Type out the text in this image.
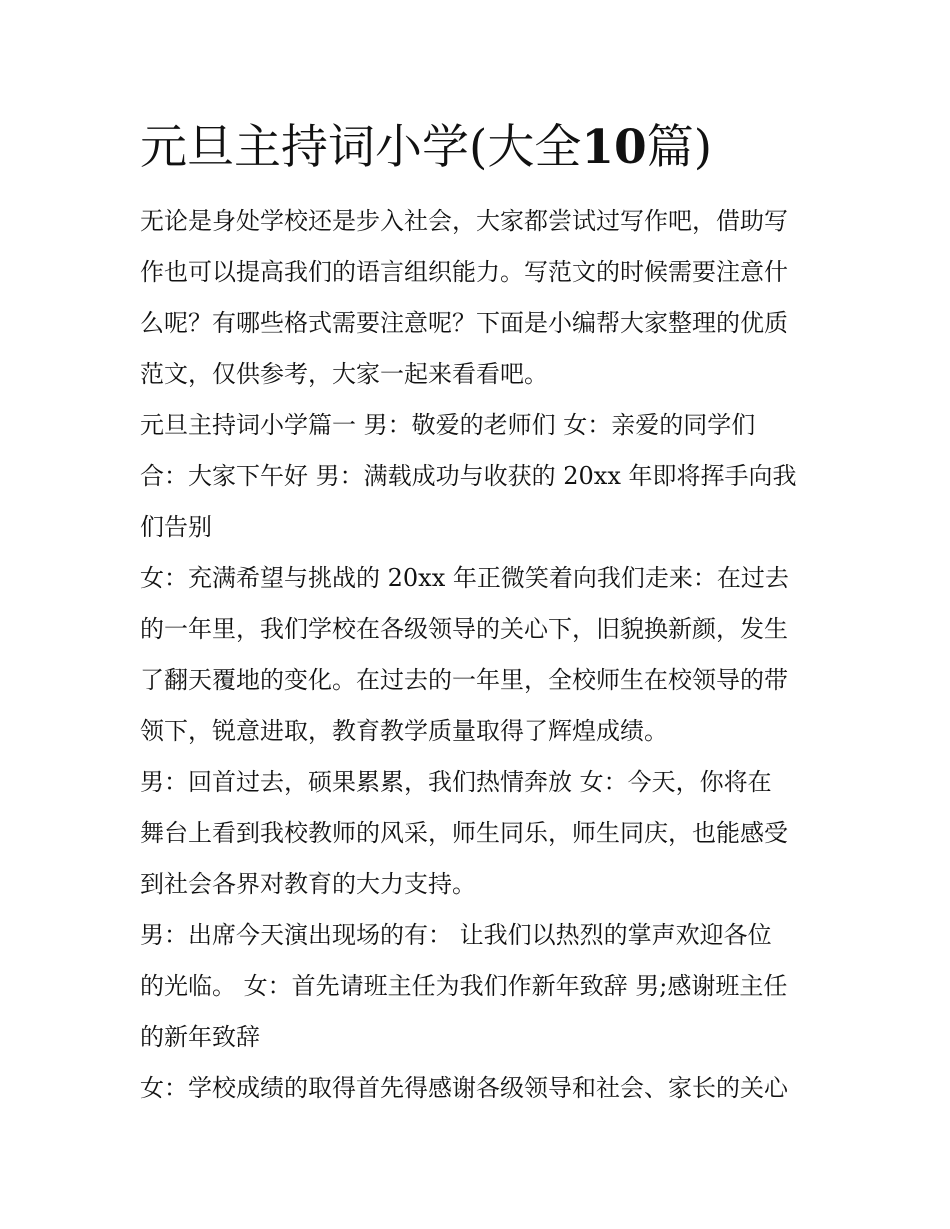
元旦主持词小学(大全10篇)
无论是身处学校还是步入社会，大家都尝试过写作吧，借助写
作也可以提高我们的语言组织能力。写范文的时候需要注意什
么呢？有哪些格式需要注意呢？下面是小编帮大家整理的优质
范文，仅供参考，大家一起来看看吧。
元旦主持词小学篇一 男：敬爱的老师们 女：亲爱的同学们
合：大家下午好 男：满载成功与收获的 20xx 年即将挥手向我
们告别
女：充满希望与挑战的 20xx 年正微笑着向我们走来：在过去
的一年里，我们学校在各级领导的关心下，旧貌换新颜，发生
了翻天覆地的变化。在过去的一年里，全校师生在校领导的带
领下，锐意进取，教育教学质量取得了辉煌成绩。
男：回首过去，硕果累累，我们热情奔放 女：今天，你将在
舞台上看到我校教师的风采，师生同乐，师生同庆，也能感受
到社会各界对教育的大力支持。
男：出席今天演出现场的有： 让我们以热烈的掌声欢迎各位
的光临。 女：首先请班主任为我们作新年致辞 男;感谢班主任
的新年致辞
女：学校成绩的取得首先得感谢各级领导和社会、家长的关心
